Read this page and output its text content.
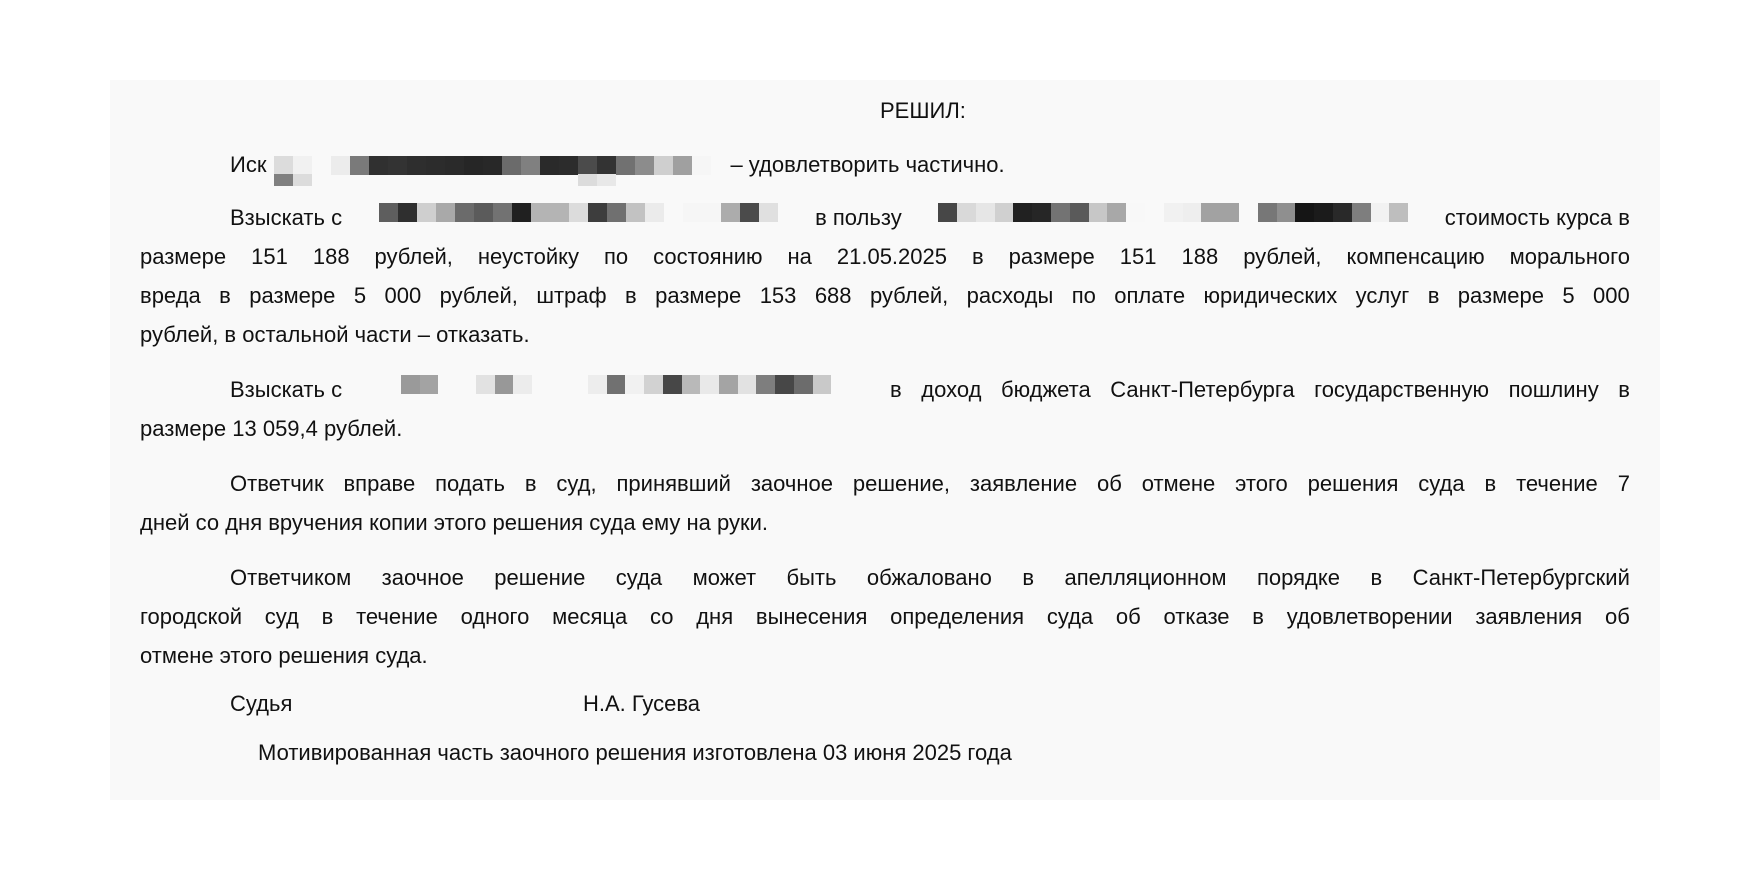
РЕШИЛ:
Иск	– удовлетворить частично.
Взыскать с	в пользу	стоимость курса в
размере 151 188 рублей, неустойку по состоянию на 21.05.2025 в размере 151 188 рублей, компенсацию морального
вреда в размере 5 000 рублей, штраф в размере 153 688 рублей, расходы по оплате юридических услуг в размере 5 000
рублей, в остальной части – отказать.
Взыскать с	в доход бюджета Санкт-Петербурга государственную пошлину в
размере 13 059,4 рублей.
Ответчик вправе подать в суд, принявший заочное решение, заявление об отмене этого решения суда в течение 7
дней со дня вручения копии этого решения суда ему на руки.
Ответчиком заочное решение суда может быть обжаловано в апелляционном порядке в Санкт-Петербургский
городской суд в течение одного месяца со дня вынесения определения суда об отказе в удовлетворении заявления об
отмене этого решения суда.
Судья	Н.А. Гусева
Мотивированная часть заочного решения изготовлена 03 июня 2025 года
